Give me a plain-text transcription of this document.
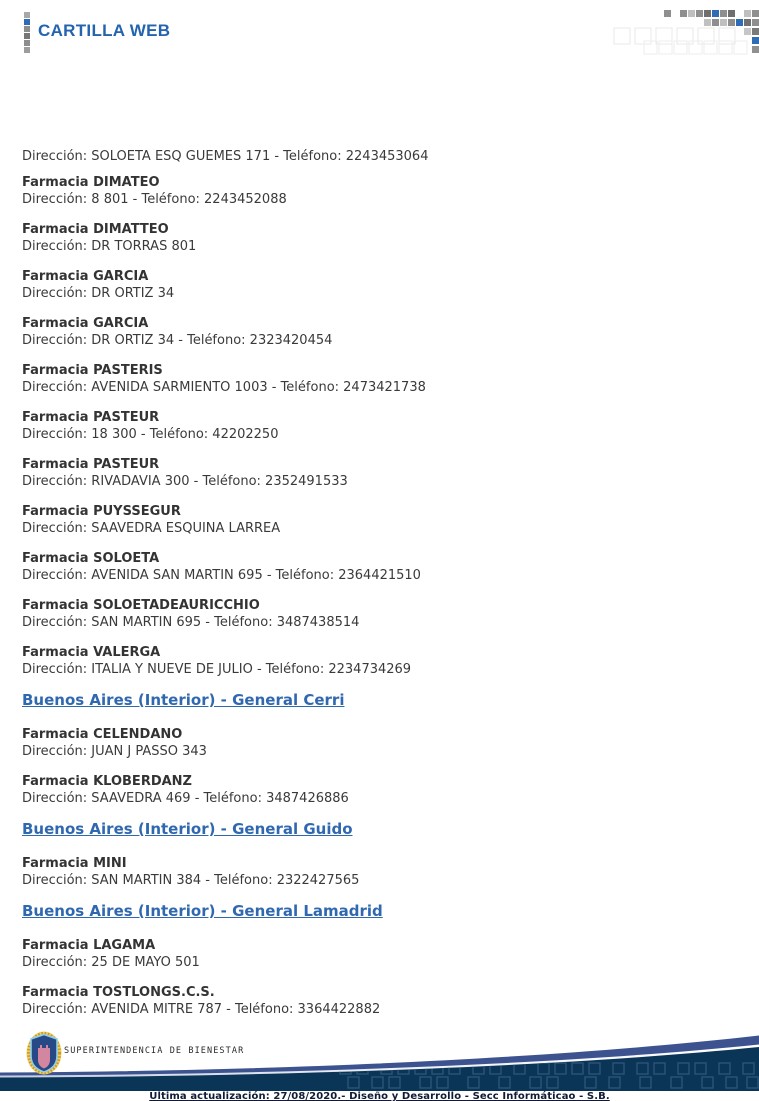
CARTILLA WEB
Dirección: SOLOETA ESQ GUEMES 171 - Teléfono: 2243453064
Farmacia DIMATEO
Dirección: 8 801 - Teléfono: 2243452088
Farmacia DIMATTEO
Dirección: DR TORRAS 801
Farmacia GARCIA
Dirección: DR ORTIZ 34
Farmacia GARCIA
Dirección: DR ORTIZ 34 - Teléfono: 2323420454
Farmacia PASTERIS
Dirección: AVENIDA SARMIENTO 1003 - Teléfono: 2473421738
Farmacia PASTEUR
Dirección: 18 300 - Teléfono: 42202250
Farmacia PASTEUR
Dirección: RIVADAVIA 300 - Teléfono: 2352491533
Farmacia PUYSSEGUR
Dirección: SAAVEDRA ESQUINA LARREA
Farmacia SOLOETA
Dirección: AVENIDA SAN MARTIN 695 - Teléfono: 2364421510
Farmacia SOLOETADEAURICCHIO
Dirección: SAN MARTIN 695 - Teléfono: 3487438514
Farmacia VALERGA
Dirección: ITALIA Y NUEVE DE JULIO - Teléfono: 2234734269
Buenos Aires (Interior) - General Cerri
Farmacia CELENDANO
Dirección: JUAN J PASSO 343
Farmacia KLOBERDANZ
Dirección: SAAVEDRA 469 - Teléfono: 3487426886
Buenos Aires (Interior) - General Guido
Farmacia MINI
Dirección: SAN MARTIN 384 - Teléfono: 2322427565
Buenos Aires (Interior) - General Lamadrid
Farmacia LAGAMA
Dirección: 25 DE MAYO 501
Farmacia TOSTLONGS.C.S.
Dirección: AVENIDA MITRE 787 - Teléfono: 3364422882
SUPERINTENDENCIA DE BIENESTAR
Última actualización: 27/08/2020.- Diseño y Desarrollo - Secc Informáticao - S.B.
